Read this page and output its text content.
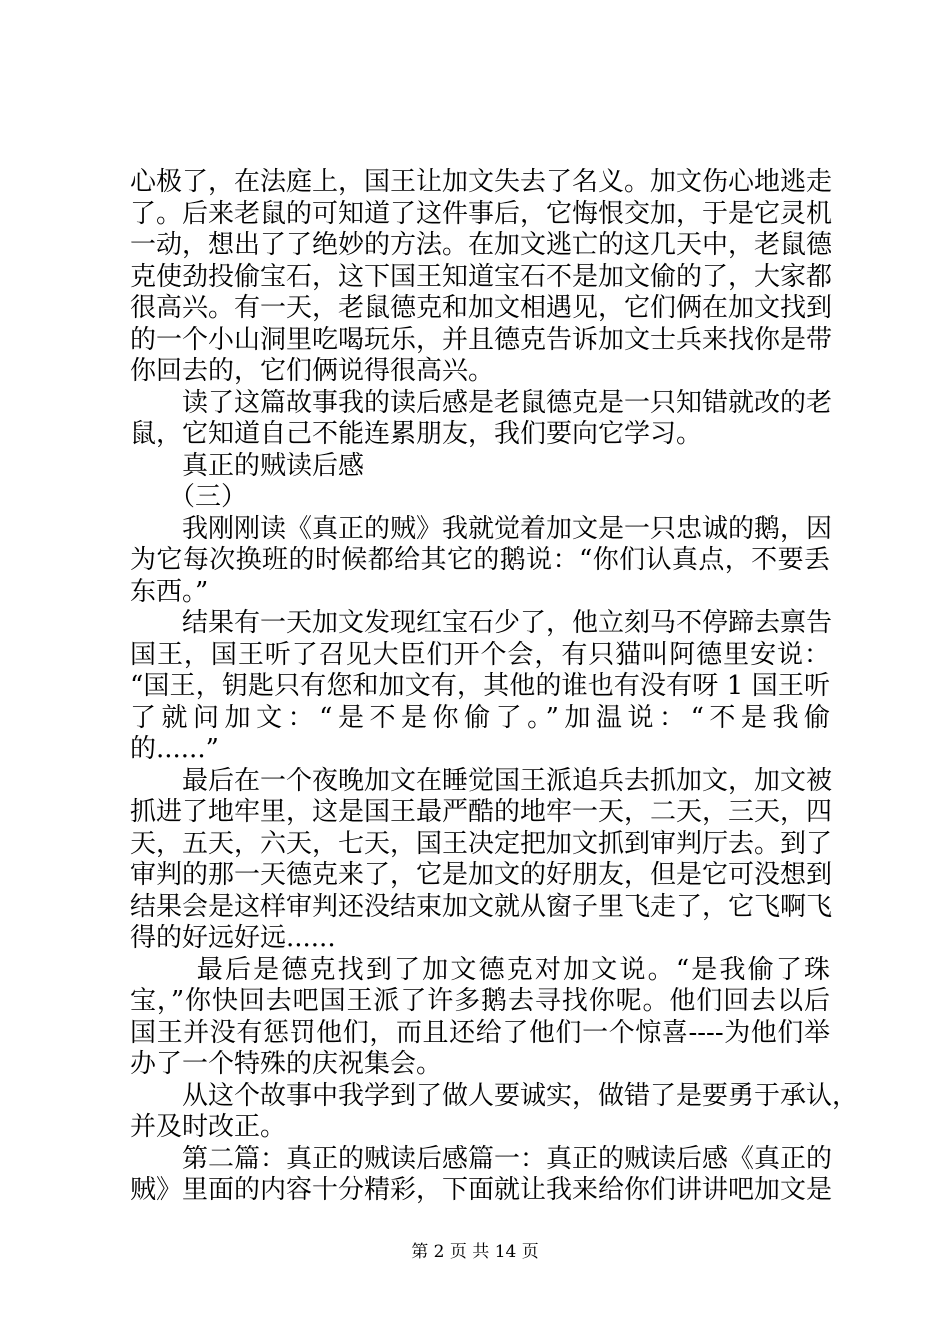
心极了，在法庭上，国王让加文失去了名义。加文伤心地逃走
了。后来老鼠的可知道了这件事后，它悔恨交加，于是它灵机
一动，想出了了绝妙的方法。在加文逃亡的这几天中，老鼠德
克使劲投偷宝石，这下国王知道宝石不是加文偷的了，大家都
很高兴。有一天，老鼠德克和加文相遇见，它们俩在加文找到
的一个小山洞里吃喝玩乐，并且德克告诉加文士兵来找你是带
你回去的，它们俩说得很高兴。
　　读了这篇故事我的读后感是老鼠德克是一只知错就改的老
鼠，它知道自己不能连累朋友，我们要向它学习。
　　真正的贼读后感
　　（三）
　　我刚刚读《真正的贼》我就觉着加文是一只忠诚的鹅，因
为它每次换班的时候都给其它的鹅说：“你们认真点，不要丢
东西。”
　　结果有一天加文发现红宝石少了，他立刻马不停蹄去禀告
国王，国王听了召见大臣们开个会，有只猫叫阿德里安说：
“国王，钥匙只有您和加文有，其他的谁也有没有呀 1 国王听
了就问加文：“是不是你偷了。”加温说：“不是我偷
的......”
　　最后在一个夜晚加文在睡觉国王派追兵去抓加文，加文被
抓进了地牢里，这是国王最严酷的地牢一天，二天，三天，四
天，五天，六天，七天，国王决定把加文抓到审判厅去。到了
审判的那一天德克来了，它是加文的好朋友，但是它可没想到
结果会是这样审判还没结束加文就从窗子里飞走了，它飞啊飞
得的好远好远......
　　 最后是德克找到了加文德克对加文说。“是我偷了珠
宝，”你快回去吧国王派了许多鹅去寻找你呢。他们回去以后
国王并没有惩罚他们，而且还给了他们一个惊喜----为他们举
办了一个特殊的庆祝集会。
　　从这个故事中我学到了做人要诚实，做错了是要勇于承认，
并及时改正。
　　第二篇：真正的贼读后感篇一：真正的贼读后感《真正的
贼》里面的内容十分精彩，下面就让我来给你们讲讲吧加文是
第 2 页 共 14 页
